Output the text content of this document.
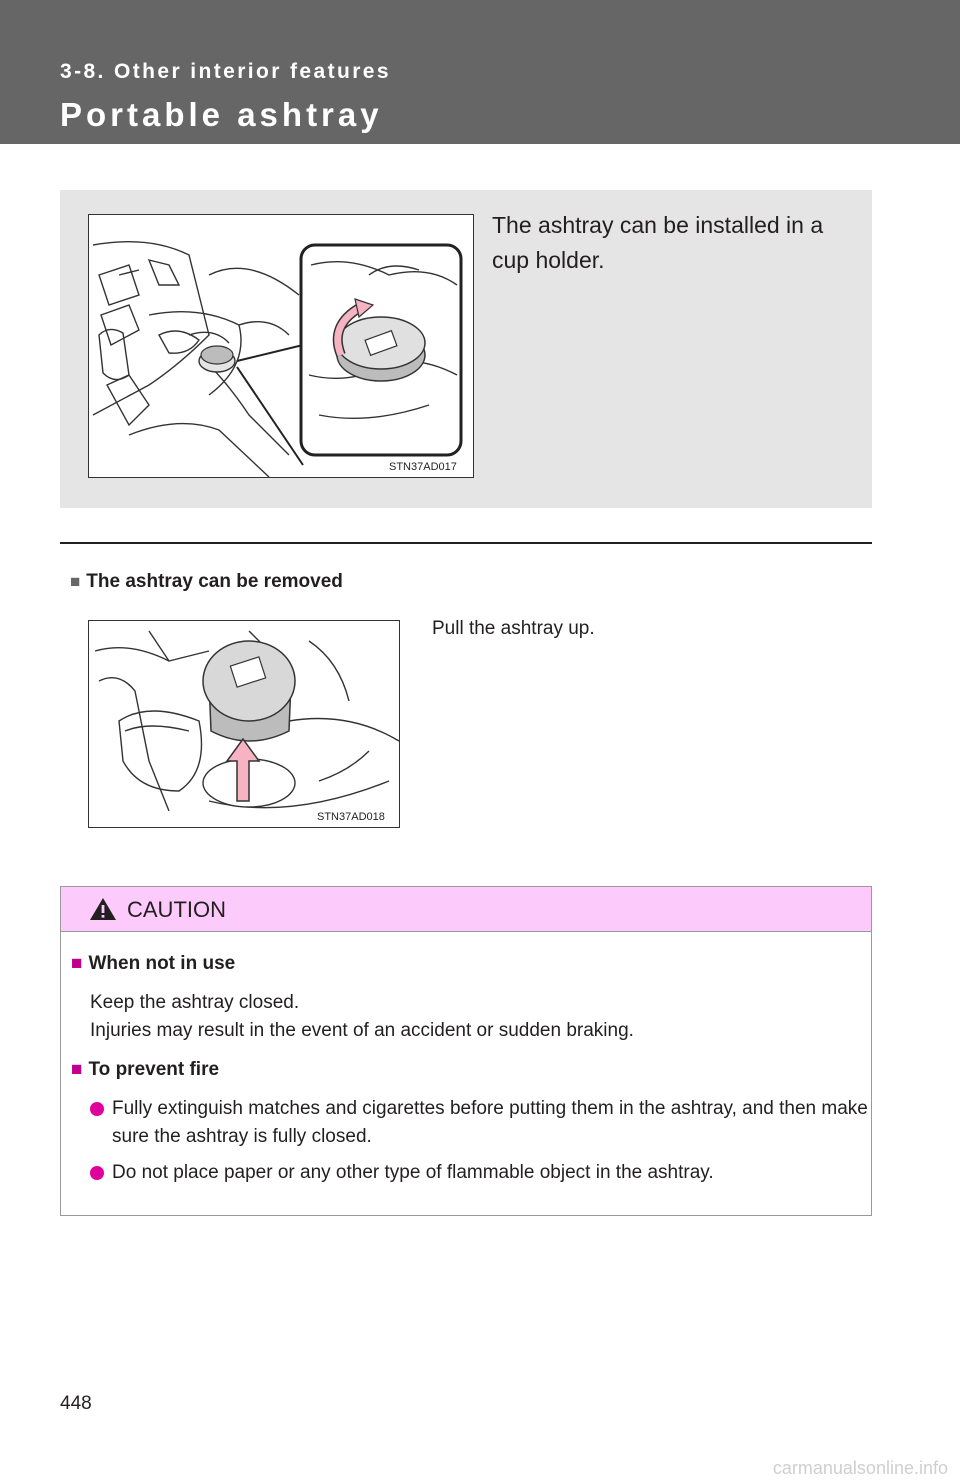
3-8. Other interior features
Portable ashtray
STN37AD017
The ashtray can be installed in a cup holder.
■ The ashtray can be removed
STN37AD018
Pull the ashtray up.
CAUTION
■ When not in use
Keep the ashtray closed.
Injuries may result in the event of an accident or sudden braking.
■ To prevent fire
Fully extinguish matches and cigarettes before putting them in the ashtray, and then make sure the ashtray is fully closed.
Do not place paper or any other type of flammable object in the ashtray.
448
carmanualsonline.info
